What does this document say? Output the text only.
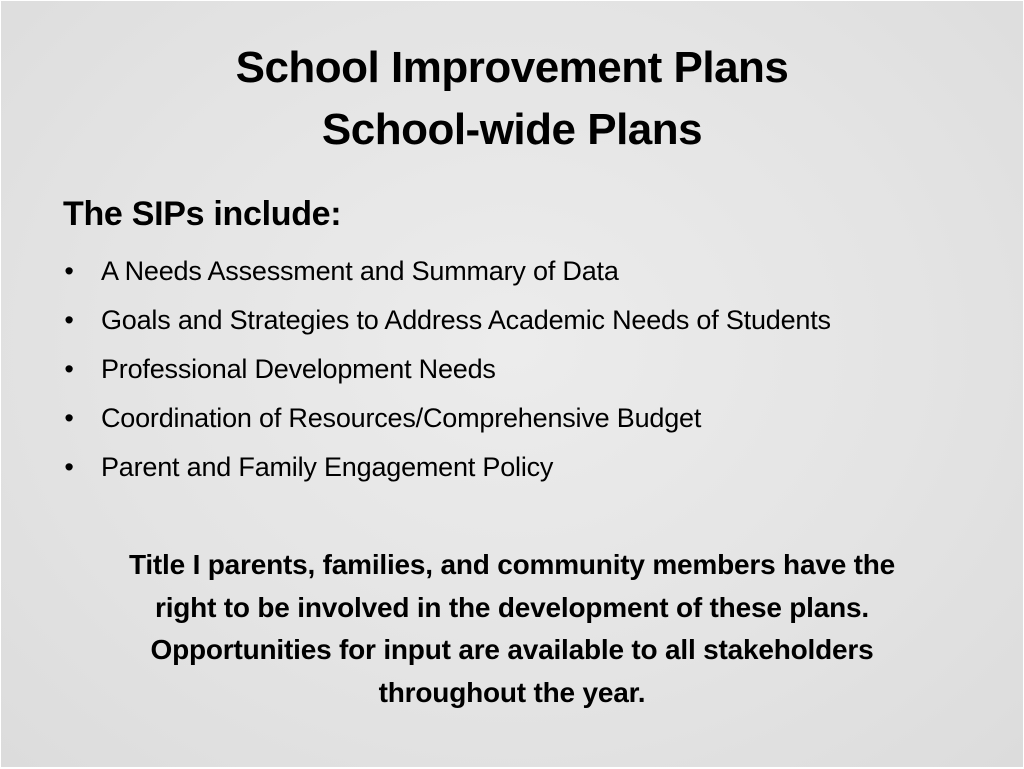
School Improvement Plans
School-wide Plans
The SIPs include:
• A Needs Assessment and Summary of Data
• Goals and Strategies to Address Academic Needs of Students
• Professional Development Needs
• Coordination of Resources/Comprehensive Budget
• Parent and Family Engagement Policy
Title I parents, families, and community members have the
right to be involved in the development of these plans.
Opportunities for input are available to all stakeholders
throughout the year.
